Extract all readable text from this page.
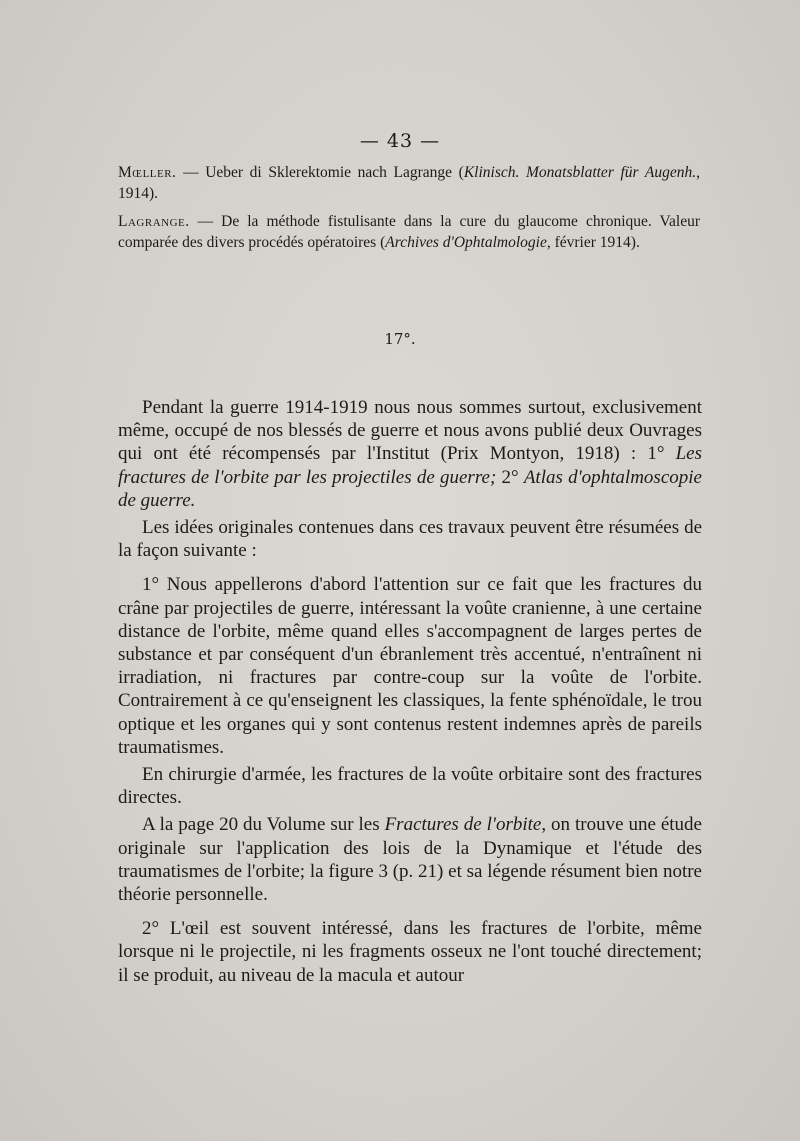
— 43 —

Mœller. — Ueber di Sklerektomie nach Lagrange (Klinisch. Monatsblatter für Augenh., 1914).

Lagrange. — De la méthode fistulisante dans la cure du glaucome chronique. Valeur comparée des divers procédés opératoires (Archives d'Ophtalmologie, février 1914).

17°.

Pendant la guerre 1914-1919 nous nous sommes surtout, exclusivement même, occupé de nos blessés de guerre et nous avons publié deux Ouvrages qui ont été récompensés par l'Institut (Prix Montyon, 1918) : 1° Les fractures de l'orbite par les projectiles de guerre; 2° Atlas d'ophtalmoscopie de guerre.

Les idées originales contenues dans ces travaux peuvent être résumées de la façon suivante :

1° Nous appellerons d'abord l'attention sur ce fait que les fractures du crâne par projectiles de guerre, intéressant la voûte cranienne, à une certaine distance de l'orbite, même quand elles s'accompagnent de larges pertes de substance et par conséquent d'un ébranlement très accentué, n'entraînent ni irradiation, ni fractures par contre-coup sur la voûte de l'orbite. Contrairement à ce qu'enseignent les classiques, la fente sphénoïdale, le trou optique et les organes qui y sont contenus restent indemnes après de pareils traumatismes.

En chirurgie d'armée, les fractures de la voûte orbitaire sont des fractures directes.

A la page 20 du Volume sur les Fractures de l'orbite, on trouve une étude originale sur l'application des lois de la Dynamique et l'étude des traumatismes de l'orbite; la figure 3 (p. 21) et sa légende résument bien notre théorie personnelle.

2° L'œil est souvent intéressé, dans les fractures de l'orbite, même lorsque ni le projectile, ni les fragments osseux ne l'ont touché directement; il se produit, au niveau de la macula et autour
